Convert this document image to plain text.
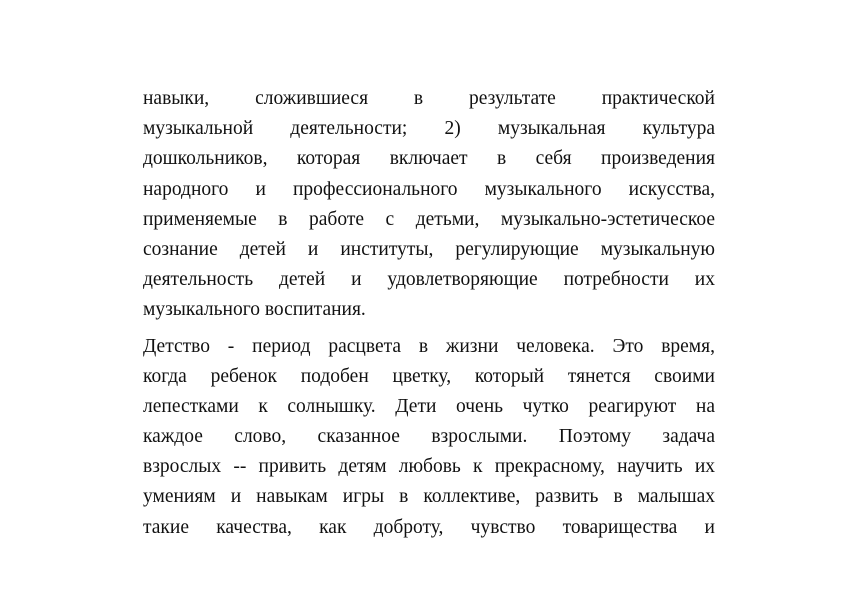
навыки, сложившиеся в результате практической
музыкальной деятельности; 2) музыкальная культура
дошкольников, которая включает в себя произведения
народного и профессионального музыкального искусства,
применяемые в работе с детьми, музыкально-эстетическое
сознание детей и институты, регулирующие музыкальную
деятельность детей и удовлетворяющие потребности их
музыкального воспитания.

Детство - период расцвета в жизни человека. Это время,
когда ребенок подобен цветку, который тянется своими
лепестками к солнышку. Дети очень чутко реагируют на
каждое слово, сказанное взрослыми. Поэтому задача
взрослых -- привить детям любовь к прекрасному, научить их
умениям и навыкам игры в коллективе, развить в малышах
такие качества, как доброту, чувство товарищества и
